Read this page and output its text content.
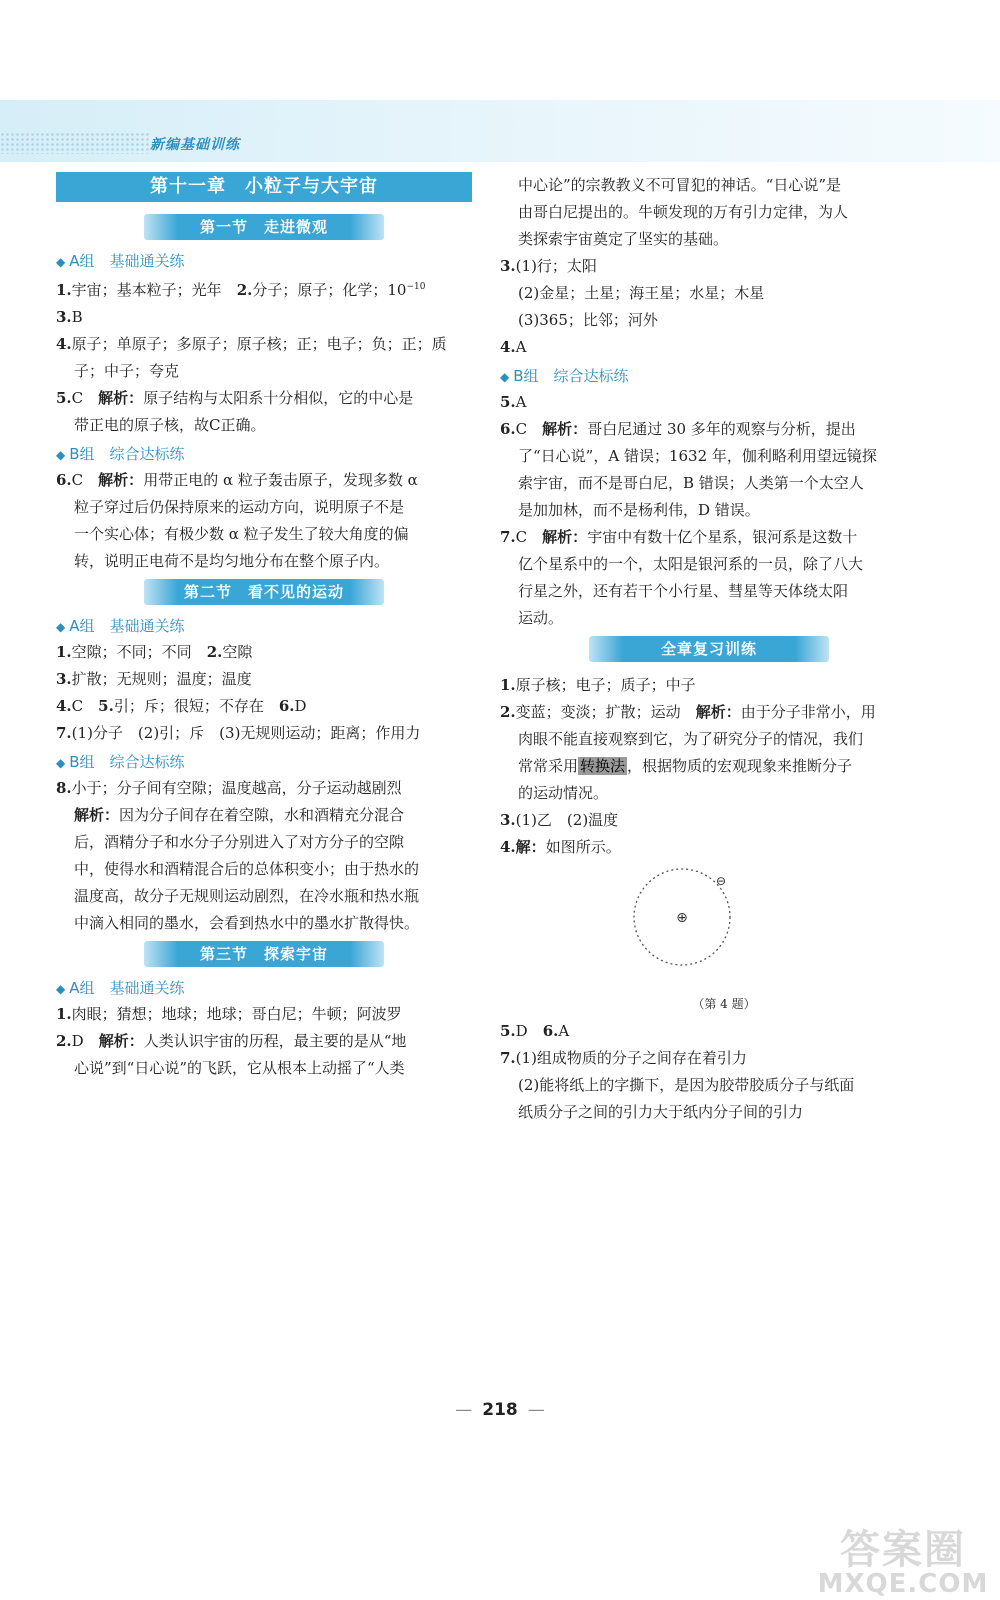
新编基础训练
第十一章　小粒子与大宇宙
第一节　走进微观
◆ A组　基础通关练
1.宇宙；基本粒子；光年　 2.分子；原子；化学；$10^{-10}$
3.B
4.原子；单原子；多原子；原子核；正；电子；负；正；质
子；中子；夸克
5.C　 解析：原子结构与太阳系十分相似，它的中心是
带正电的原子核，故C正确。
◆ B组　综合达标练
6.C　 解析：用带正电的 α 粒子轰击原子，发现多数 α
粒子穿过后仍保持原来的运动方向，说明原子不是
一个实心体；有极少数 α 粒子发生了较大角度的偏
转，说明正电荷不是均匀地分布在整个原子内。
第二节　看不见的运动
◆ A组　基础通关练
1.空隙；不同；不同　 2.空隙
3.扩散；无规则；温度；温度
4.C　 5.引；斥；很短；不存在　 6.D
7.(1)分子　(2)引；斥　(3)无规则运动；距离；作用力
◆ B组　综合达标练
8.小于；分子间有空隙；温度越高，分子运动越剧烈
解析：因为分子间存在着空隙，水和酒精充分混合
后，酒精分子和水分子分别进入了对方分子的空隙
中，使得水和酒精混合后的总体积变小；由于热水的
温度高，故分子无规则运动剧烈，在冷水瓶和热水瓶
中滴入相同的墨水，会看到热水中的墨水扩散得快。
第三节　探索宇宙
◆ A组　基础通关练
1.肉眼；猜想；地球；地球；哥白尼；牛顿；阿波罗
2.D　 解析：人类认识宇宙的历程，最主要的是从“地
心说”到“日心说”的飞跃，它从根本上动摇了“人类
中心论”的宗教教义不可冒犯的神话。“日心说”是
由哥白尼提出的。牛顿发现的万有引力定律，为人
类探索宇宙奠定了坚实的基础。
3.(1)行；太阳
(2)金星；土星；海王星；水星；木星
(3)365；比邻；河外
4.A
◆ B组　综合达标练
5.A
6.C　 解析：哥白尼通过 30 多年的观察与分析，提出
了“日心说”，A 错误；1632 年，伽利略利用望远镜探
索宇宙，而不是哥白尼，B 错误；人类第一个太空人
是加加林，而不是杨利伟，D 错误。
7.C　 解析：宇宙中有数十亿个星系，银河系是这数十
亿个星系中的一个，太阳是银河系的一员，除了八大
行星之外，还有若干个小行星、彗星等天体绕太阳
运动。
全章复习训练
1.原子核；电子；质子；中子
2.变蓝；变淡；扩散；运动　 解析：由于分子非常小，用
肉眼不能直接观察到它，为了研究分子的情况，我们
常常采用 转换法 ，根据物质的宏观现象来推断分子
的运动情况。
3.(1)乙　(2)温度
4.解：如图所示。
⊕
⊖
（第 4 题）
5.D　 6.A
7.(1)组成物质的分子之间存在着引力
(2)能将纸上的字撕下，是因为胶带胶质分子与纸面
纸质分子之间的引力大于纸内分子间的引力
— 218 —
答案圈
MXQE.COM
